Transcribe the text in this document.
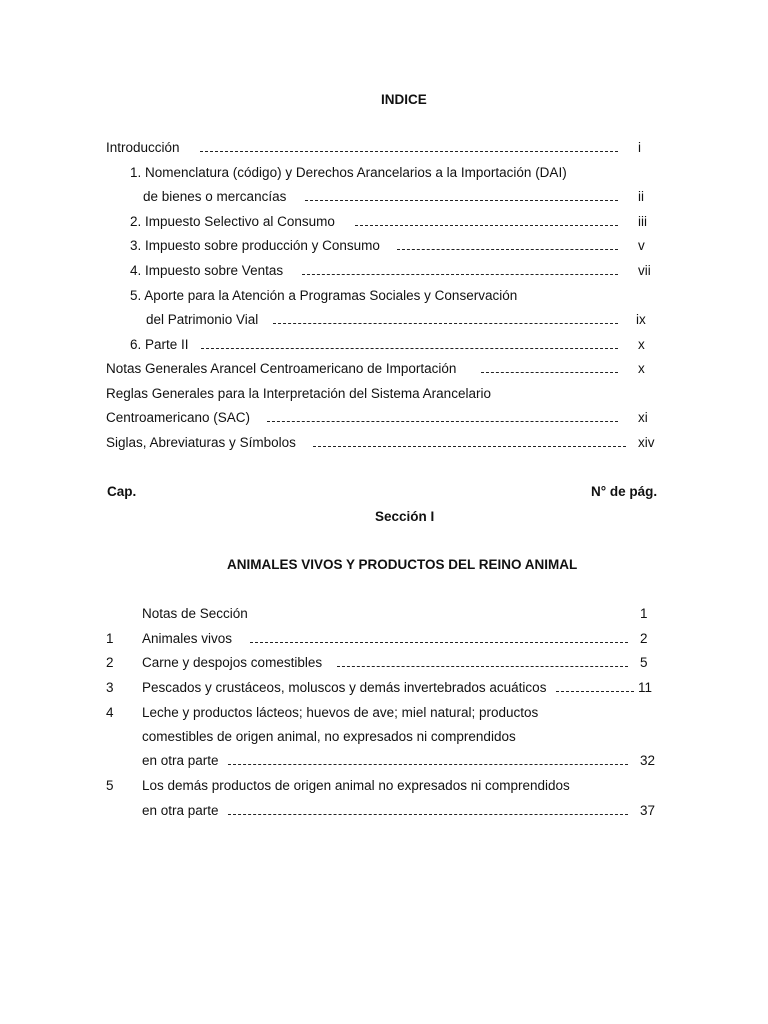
INDICE
Introducción	i
1. Nomenclatura (código) y Derechos Arancelarios a la Importación (DAI)
de bienes o mercancías	ii
2. Impuesto Selectivo al Consumo	iii
3. Impuesto sobre producción y Consumo	v
4. Impuesto sobre Ventas	vii
5. Aporte para la Atención a Programas Sociales y Conservación
del Patrimonio Vial	ix
6. Parte II	x
Notas Generales Arancel Centroamericano de Importación	x
Reglas Generales para la Interpretación del Sistema Arancelario
Centroamericano (SAC)	xi
Siglas, Abreviaturas y Símbolos	xiv
Cap.	N° de pág.
Sección I
ANIMALES VIVOS Y PRODUCTOS DEL REINO ANIMAL
Notas de Sección	1
1 Animales vivos	2
2 Carne y despojos comestibles	5
3 Pescados y crustáceos, moluscos y demás invertebrados acuáticos	11
4 Leche y productos lácteos; huevos de ave; miel natural; productos
comestibles de origen animal, no expresados ni comprendidos
en otra parte	32
5 Los demás productos de origen animal no expresados ni comprendidos
en otra parte	37
